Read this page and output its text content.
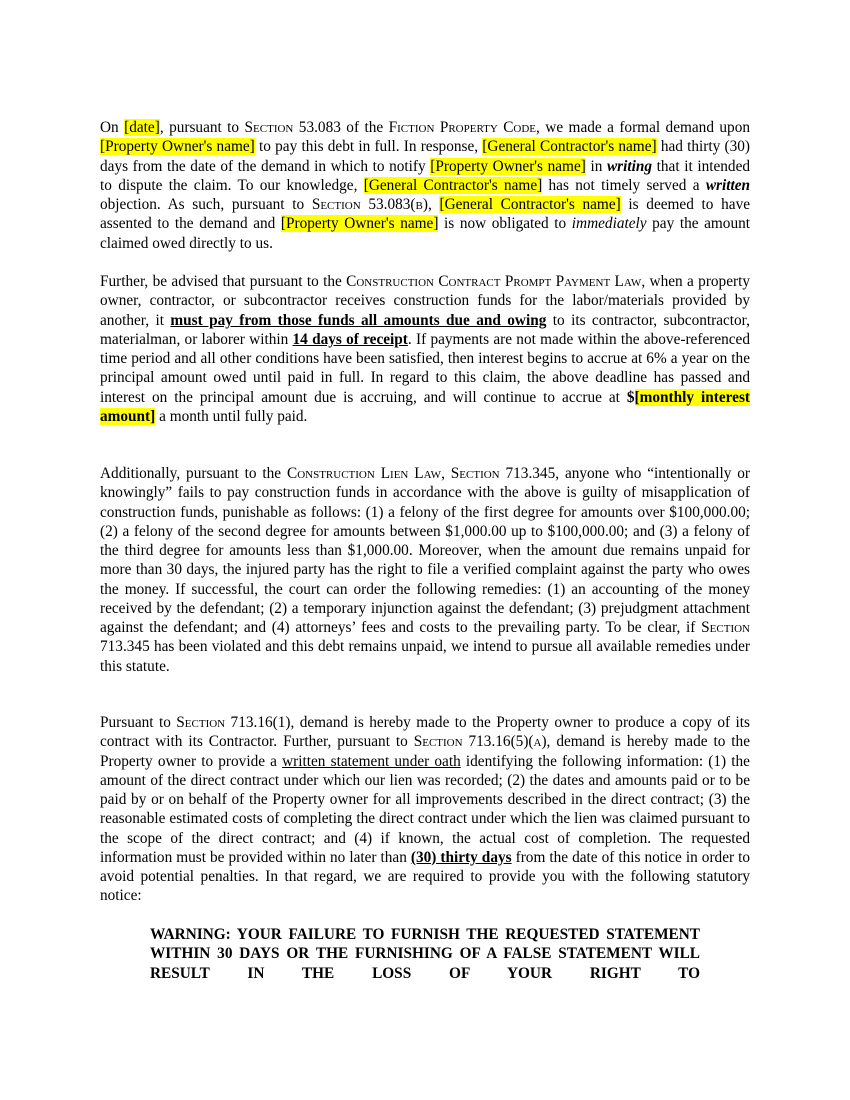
On [date], pursuant to Section 53.083 of the Fiction Property Code, we made a formal demand upon [Property Owner's name] to pay this debt in full. In response, [General Contractor's name] had thirty (30) days from the date of the demand in which to notify [Property Owner's name] in writing that it intended to dispute the claim. To our knowledge, [General Contractor's name] has not timely served a written objection. As such, pursuant to Section 53.083(b), [General Contractor's name] is deemed to have assented to the demand and [Property Owner's name] is now obligated to immediately pay the amount claimed owed directly to us.

Further, be advised that pursuant to the Construction Contract Prompt Payment Law, when a property owner, contractor, or subcontractor receives construction funds for the labor/materials provided by another, it must pay from those funds all amounts due and owing to its contractor, subcontractor, materialman, or laborer within 14 days of receipt. If payments are not made within the above-referenced time period and all other conditions have been satisfied, then interest begins to accrue at 6% a year on the principal amount owed until paid in full. In regard to this claim, the above deadline has passed and interest on the principal amount due is accruing, and will continue to accrue at $[monthly interest amount] a month until fully paid.

Additionally, pursuant to the Construction Lien Law, Section 713.345, anyone who “intentionally or knowingly” fails to pay construction funds in accordance with the above is guilty of misapplication of construction funds, punishable as follows: (1) a felony of the first degree for amounts over $100,000.00; (2) a felony of the second degree for amounts between $1,000.00 up to $100,000.00; and (3) a felony of the third degree for amounts less than $1,000.00. Moreover, when the amount due remains unpaid for more than 30 days, the injured party has the right to file a verified complaint against the party who owes the money. If successful, the court can order the following remedies: (1) an accounting of the money received by the defendant; (2) a temporary injunction against the defendant; (3) prejudgment attachment against the defendant; and (4) attorneys’ fees and costs to the prevailing party. To be clear, if Section 713.345 has been violated and this debt remains unpaid, we intend to pursue all available remedies under this statute.

Pursuant to Section 713.16(1), demand is hereby made to the Property owner to produce a copy of its contract with its Contractor. Further, pursuant to Section 713.16(5)(a), demand is hereby made to the Property owner to provide a written statement under oath identifying the following information: (1) the amount of the direct contract under which our lien was recorded; (2) the dates and amounts paid or to be paid by or on behalf of the Property owner for all improvements described in the direct contract; (3) the reasonable estimated costs of completing the direct contract under which the lien was claimed pursuant to the scope of the direct contract; and (4) if known, the actual cost of completion. The requested information must be provided within no later than (30) thirty days from the date of this notice in order to avoid potential penalties. In that regard, we are required to provide you with the following statutory notice:

WARNING: YOUR FAILURE TO FURNISH THE REQUESTED STATEMENT WITHIN 30 DAYS OR THE FURNISHING OF A FALSE STATEMENT WILL RESULT IN THE LOSS OF YOUR RIGHT TO
